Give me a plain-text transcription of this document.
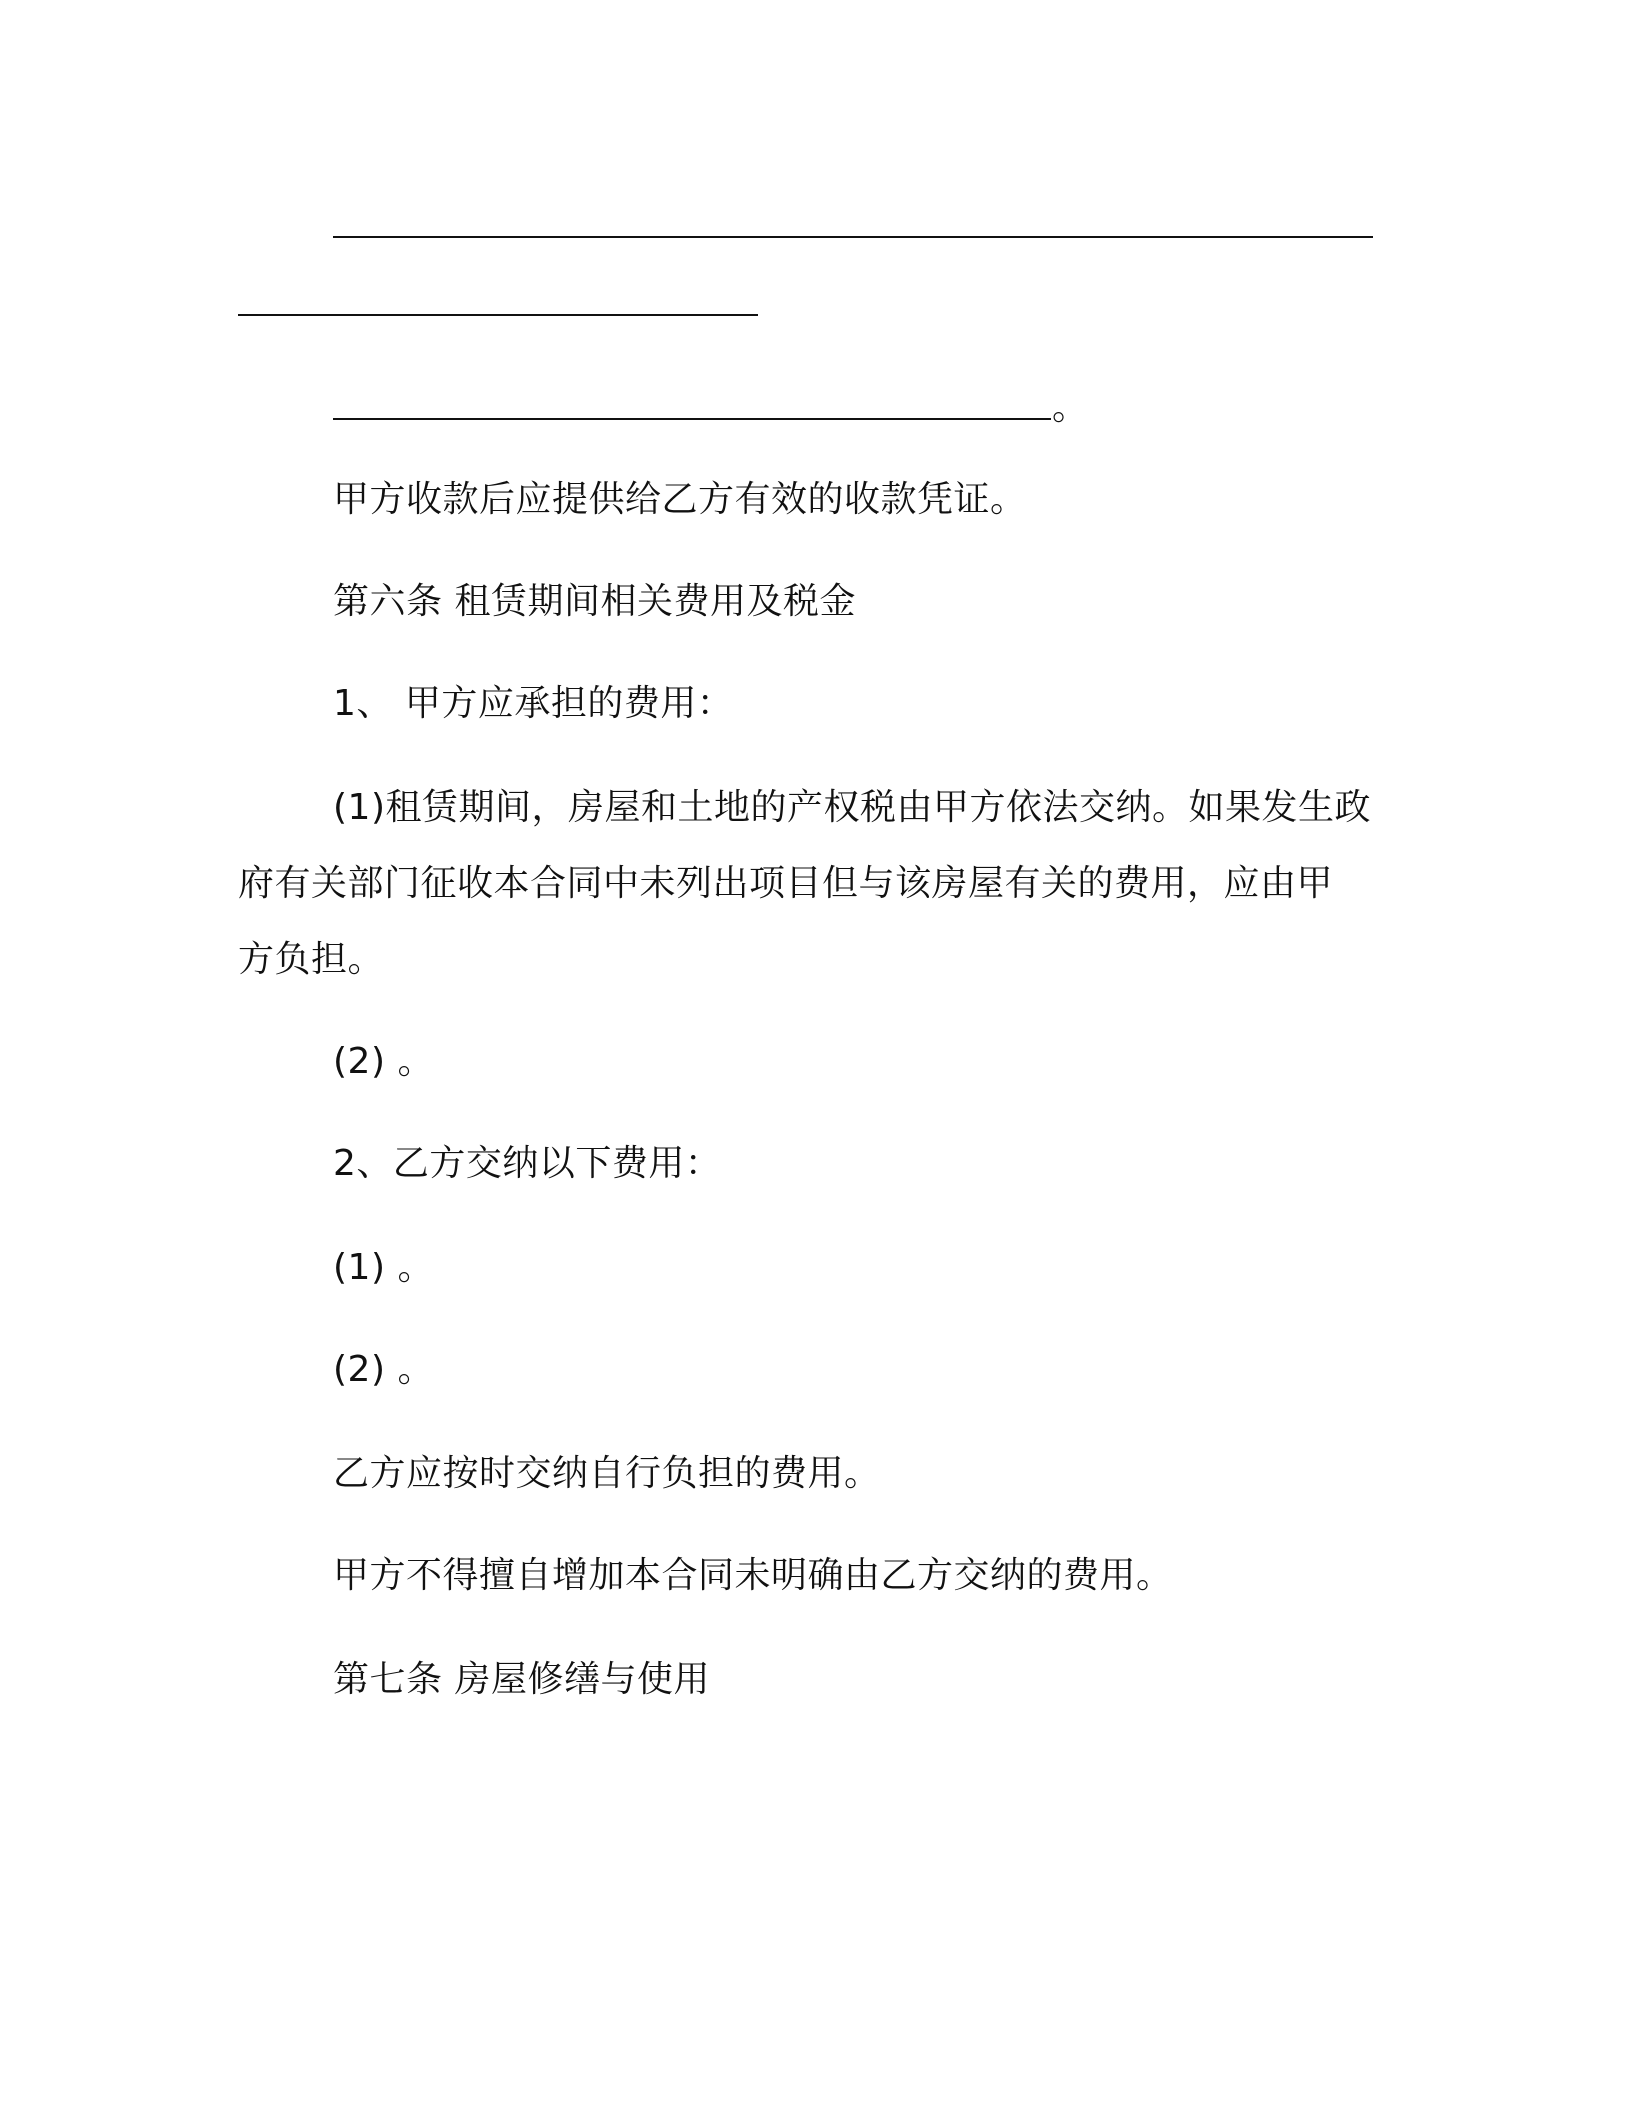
。
甲方收款后应提供给乙方有效的收款凭证。
第六条 租赁期间相关费用及税金
1、 甲方应承担的费用：
(1)租赁期间，房屋和土地的产权税由甲方依法交纳。如果发生政
府有关部门征收本合同中未列出项目但与该房屋有关的费用，应由甲
方负担。
(2) 。
2、乙方交纳以下费用：
(1) 。
(2) 。
乙方应按时交纳自行负担的费用。
甲方不得擅自增加本合同未明确由乙方交纳的费用。
第七条 房屋修缮与使用
